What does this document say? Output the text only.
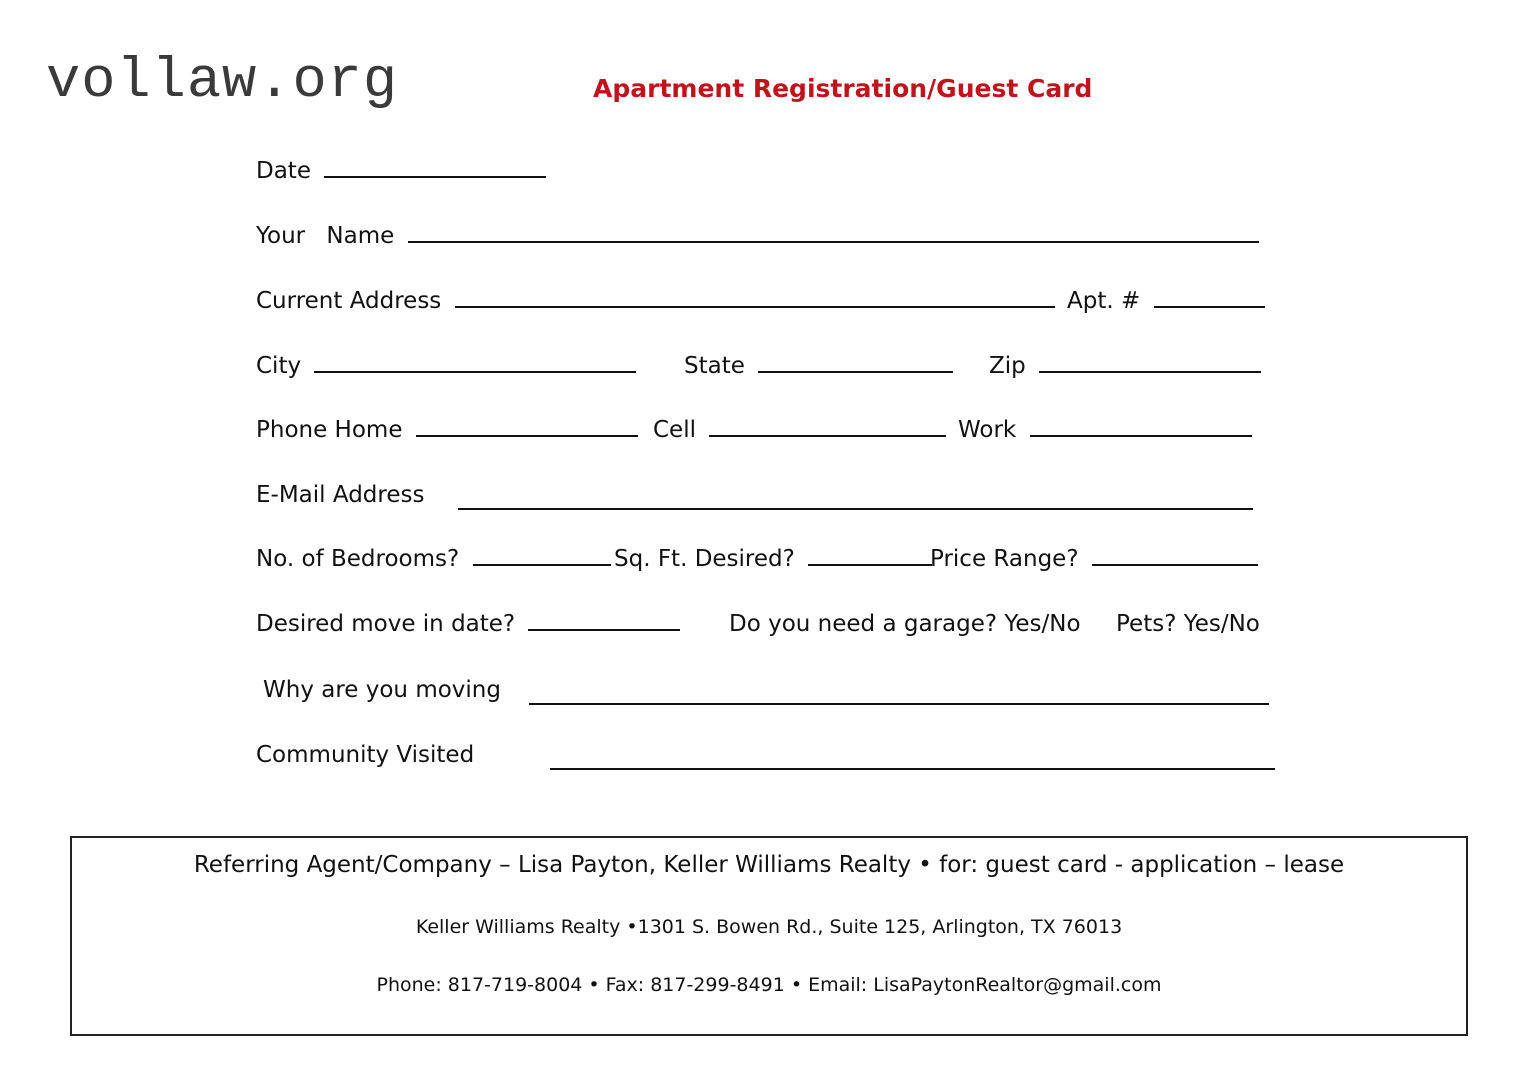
vollaw.org	Apartment Registration/Guest Card
Date
Your Name
Current Address	Apt. #
City	State	Zip
Phone Home	Cell	Work
E-Mail Address
No. of Bedrooms?	Sq. Ft. Desired?	Price Range?
Desired move in date?	Do you need a garage? Yes/No Pets? Yes/No
Why are you moving
Community Visited
Referring Agent/Company – Lisa Payton, Keller Williams Realty • for: guest card - application – lease
Keller Williams Realty •1301 S. Bowen Rd., Suite 125, Arlington, TX 76013
Phone: 817-719-8004 • Fax: 817-299-8491 • Email: LisaPaytonRealtor@gmail.com
